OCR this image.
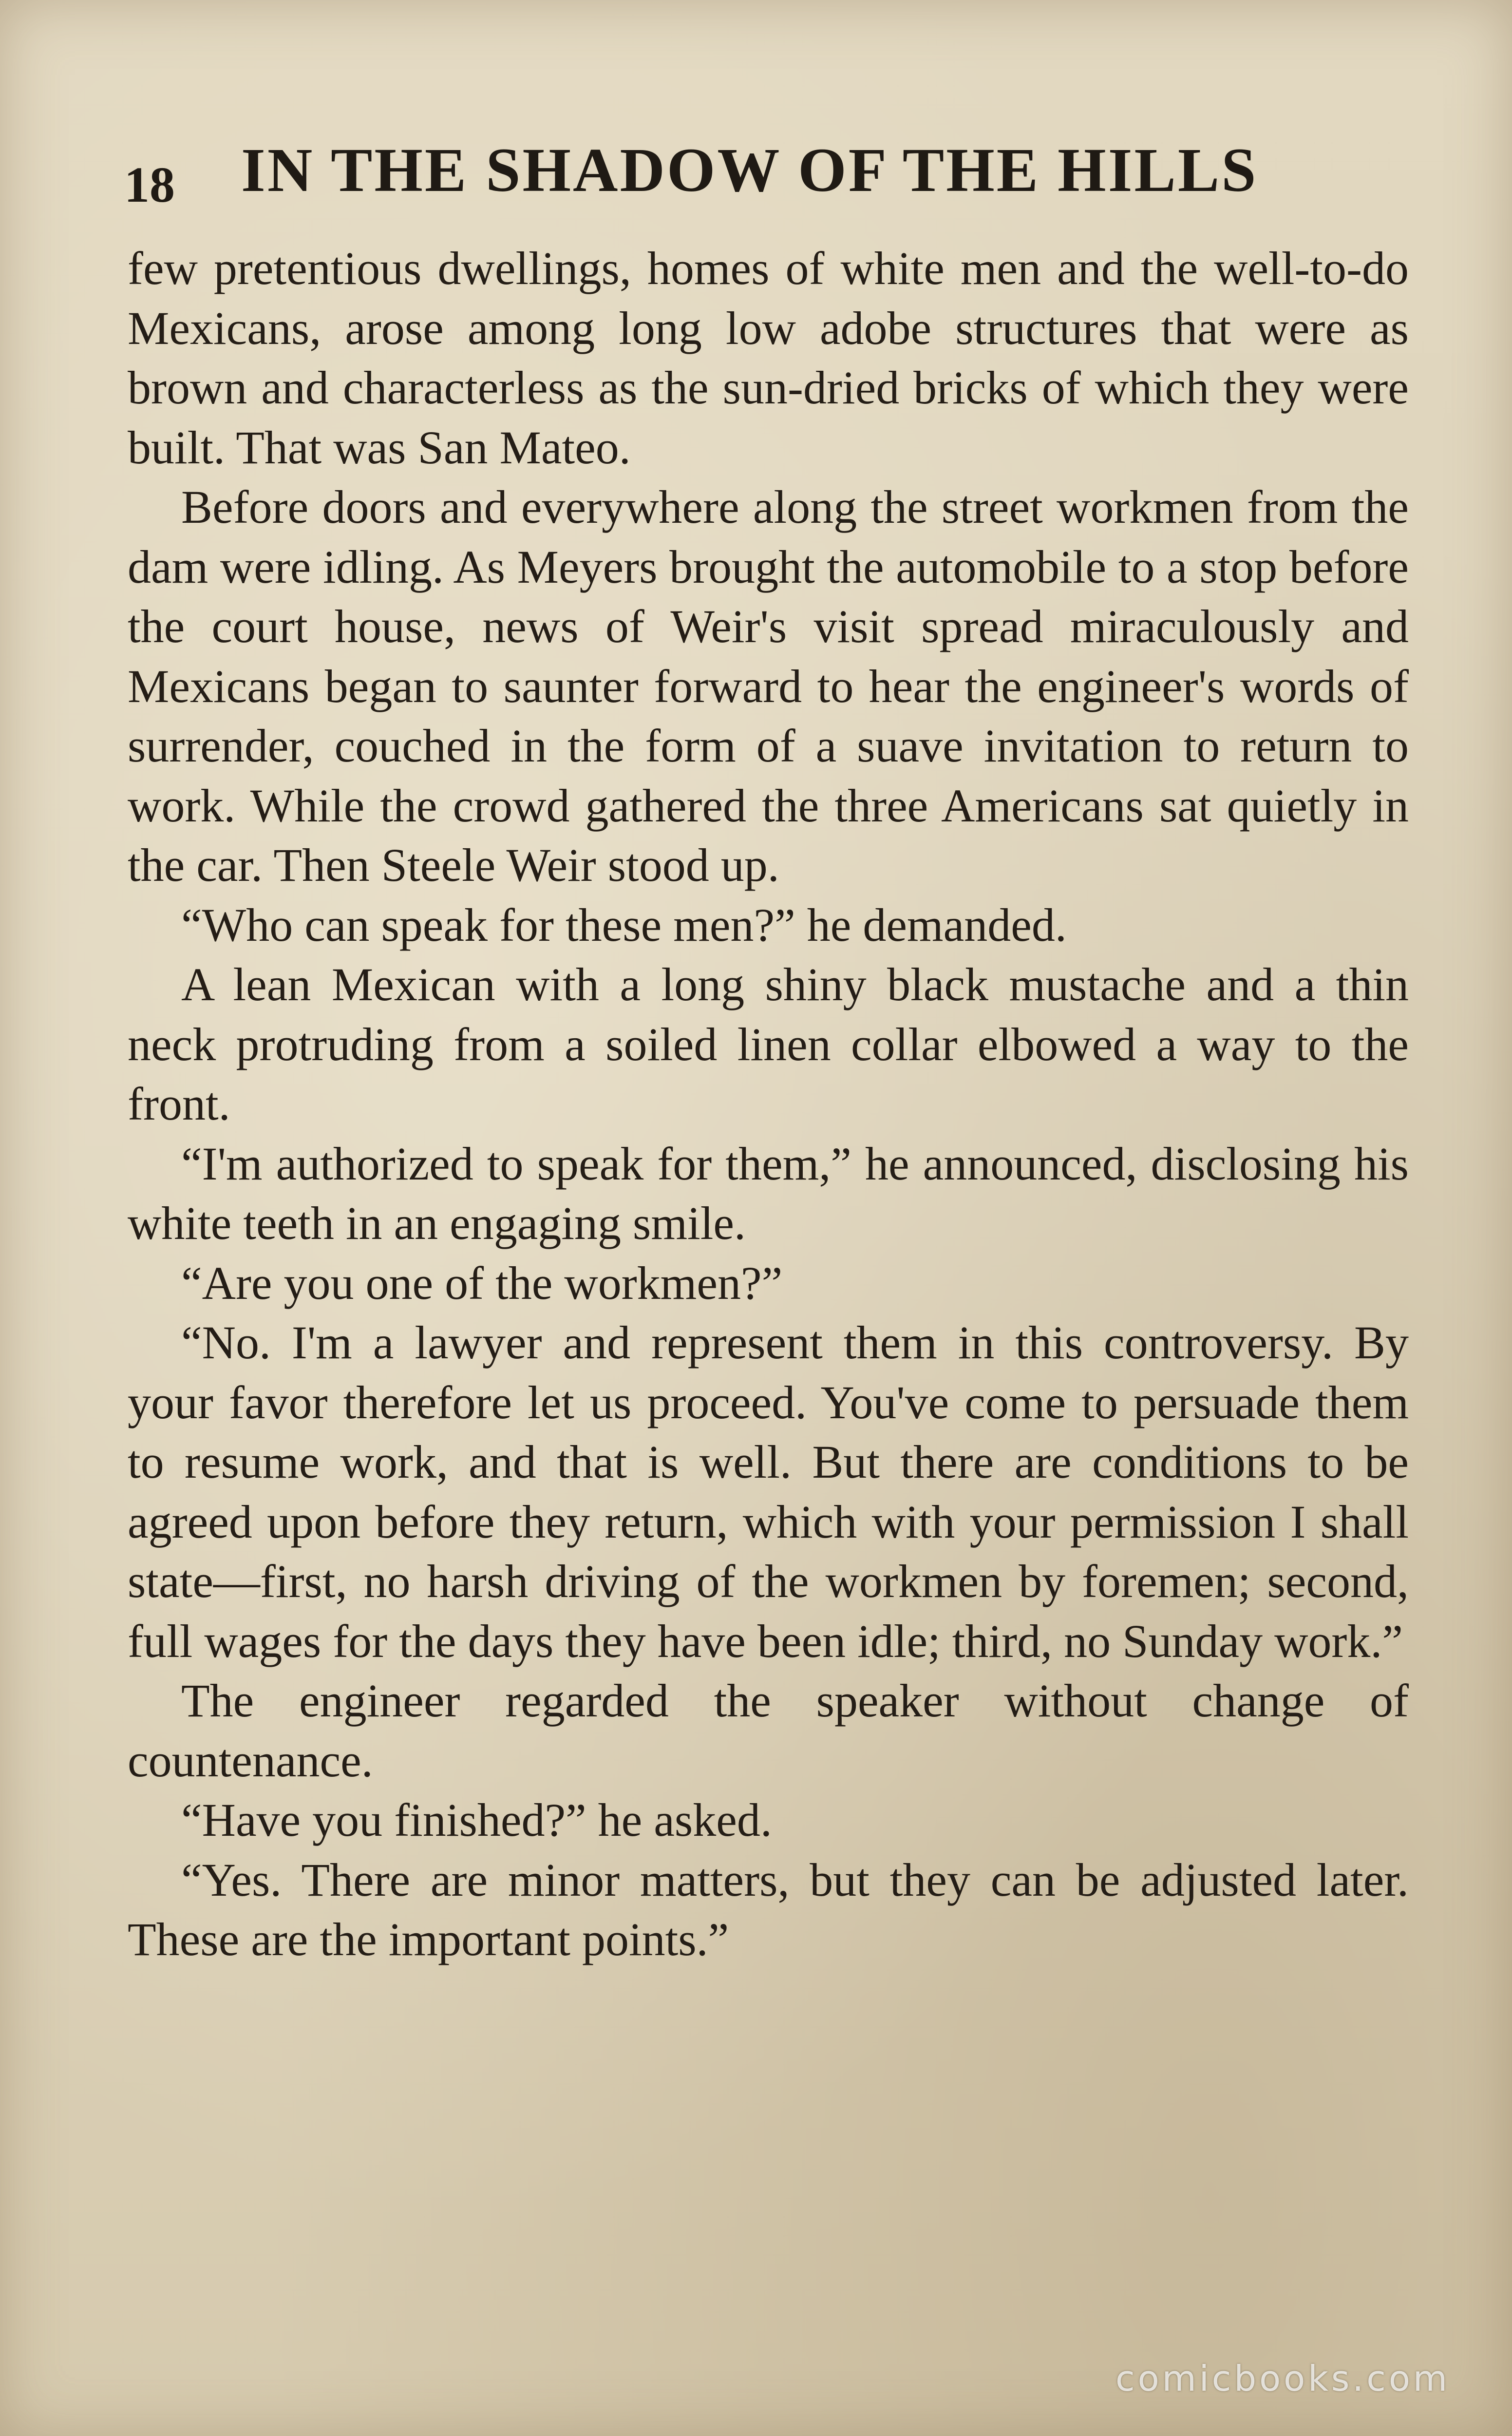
18 IN THE SHADOW OF THE HILLS

few pretentious dwellings, homes of white men and the well-to-do Mexicans, arose among long low adobe structures that were as brown and characterless as the sun-dried bricks of which they were built. That was San Mateo.

Before doors and everywhere along the street workmen from the dam were idling. As Meyers brought the automobile to a stop before the court house, news of Weir's visit spread miraculously and Mexicans began to saunter forward to hear the engineer's words of surrender, couched in the form of a suave invitation to return to work. While the crowd gathered the three Americans sat quietly in the car. Then Steele Weir stood up.

“Who can speak for these men?” he demanded.

A lean Mexican with a long shiny black mustache and a thin neck protruding from a soiled linen collar elbowed a way to the front.

“I'm authorized to speak for them,” he announced, disclosing his white teeth in an engaging smile.

“Are you one of the workmen?”

“No. I'm a lawyer and represent them in this controversy. By your favor therefore let us proceed. You've come to persuade them to resume work, and that is well. But there are conditions to be agreed upon before they return, which with your permission I shall state—first, no harsh driving of the workmen by foremen; second, full wages for the days they have been idle; third, no Sunday work.”

The engineer regarded the speaker without change of countenance.

“Have you finished?” he asked.

“Yes. There are minor matters, but they can be adjusted later. These are the important points.”

comicbooks.com
